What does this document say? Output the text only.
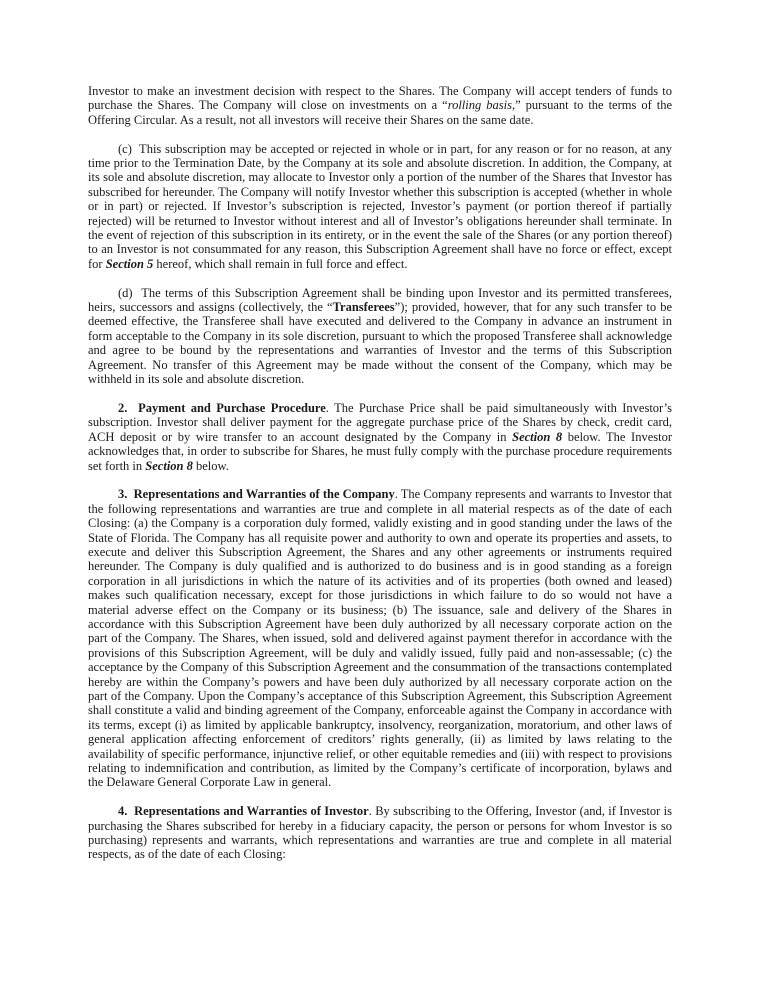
Investor to make an investment decision with respect to the Shares. The Company will accept tenders of funds to purchase the Shares. The Company will close on investments on a “rolling basis,” pursuant to the terms of the Offering Circular. As a result, not all investors will receive their Shares on the same date.

(c)  This subscription may be accepted or rejected in whole or in part, for any reason or for no reason, at any time prior to the Termination Date, by the Company at its sole and absolute discretion. In addition, the Company, at its sole and absolute discretion, may allocate to Investor only a portion of the number of the Shares that Investor has subscribed for hereunder. The Company will notify Investor whether this subscription is accepted (whether in whole or in part) or rejected. If Investor’s subscription is rejected, Investor’s payment (or portion thereof if partially rejected) will be returned to Investor without interest and all of Investor’s obligations hereunder shall terminate. In the event of rejection of this subscription in its entirety, or in the event the sale of the Shares (or any portion thereof) to an Investor is not consummated for any reason, this Subscription Agreement shall have no force or effect, except for Section 5 hereof, which shall remain in full force and effect.

(d)  The terms of this Subscription Agreement shall be binding upon Investor and its permitted transferees, heirs, successors and assigns (collectively, the “Transferees”); provided, however, that for any such transfer to be deemed effective, the Transferee shall have executed and delivered to the Company in advance an instrument in form acceptable to the Company in its sole discretion, pursuant to which the proposed Transferee shall acknowledge and agree to be bound by the representations and warranties of Investor and the terms of this Subscription Agreement. No transfer of this Agreement may be made without the consent of the Company, which may be withheld in its sole and absolute discretion.

2.  Payment and Purchase Procedure. The Purchase Price shall be paid simultaneously with Investor’s subscription. Investor shall deliver payment for the aggregate purchase price of the Shares by check, credit card, ACH deposit or by wire transfer to an account designated by the Company in Section 8 below. The Investor acknowledges that, in order to subscribe for Shares, he must fully comply with the purchase procedure requirements set forth in Section 8 below.

3.  Representations and Warranties of the Company. The Company represents and warrants to Investor that the following representations and warranties are true and complete in all material respects as of the date of each Closing: (a) the Company is a corporation duly formed, validly existing and in good standing under the laws of the State of Florida. The Company has all requisite power and authority to own and operate its properties and assets, to execute and deliver this Subscription Agreement, the Shares and any other agreements or instruments required hereunder. The Company is duly qualified and is authorized to do business and is in good standing as a foreign corporation in all jurisdictions in which the nature of its activities and of its properties (both owned and leased) makes such qualification necessary, except for those jurisdictions in which failure to do so would not have a material adverse effect on the Company or its business; (b) The issuance, sale and delivery of the Shares in accordance with this Subscription Agreement have been duly authorized by all necessary corporate action on the part of the Company. The Shares, when issued, sold and delivered against payment therefor in accordance with the provisions of this Subscription Agreement, will be duly and validly issued, fully paid and non-assessable; (c) the acceptance by the Company of this Subscription Agreement and the consummation of the transactions contemplated hereby are within the Company’s powers and have been duly authorized by all necessary corporate action on the part of the Company. Upon the Company’s acceptance of this Subscription Agreement, this Subscription Agreement shall constitute a valid and binding agreement of the Company, enforceable against the Company in accordance with its terms, except (i) as limited by applicable bankruptcy, insolvency, reorganization, moratorium, and other laws of general application affecting enforcement of creditors’ rights generally, (ii) as limited by laws relating to the availability of specific performance, injunctive relief, or other equitable remedies and (iii) with respect to provisions relating to indemnification and contribution, as limited by the Company’s certificate of incorporation, bylaws and the Delaware General Corporate Law in general.

4.  Representations and Warranties of Investor. By subscribing to the Offering, Investor (and, if Investor is purchasing the Shares subscribed for hereby in a fiduciary capacity, the person or persons for whom Investor is so purchasing) represents and warrants, which representations and warranties are true and complete in all material respects, as of the date of each Closing:
